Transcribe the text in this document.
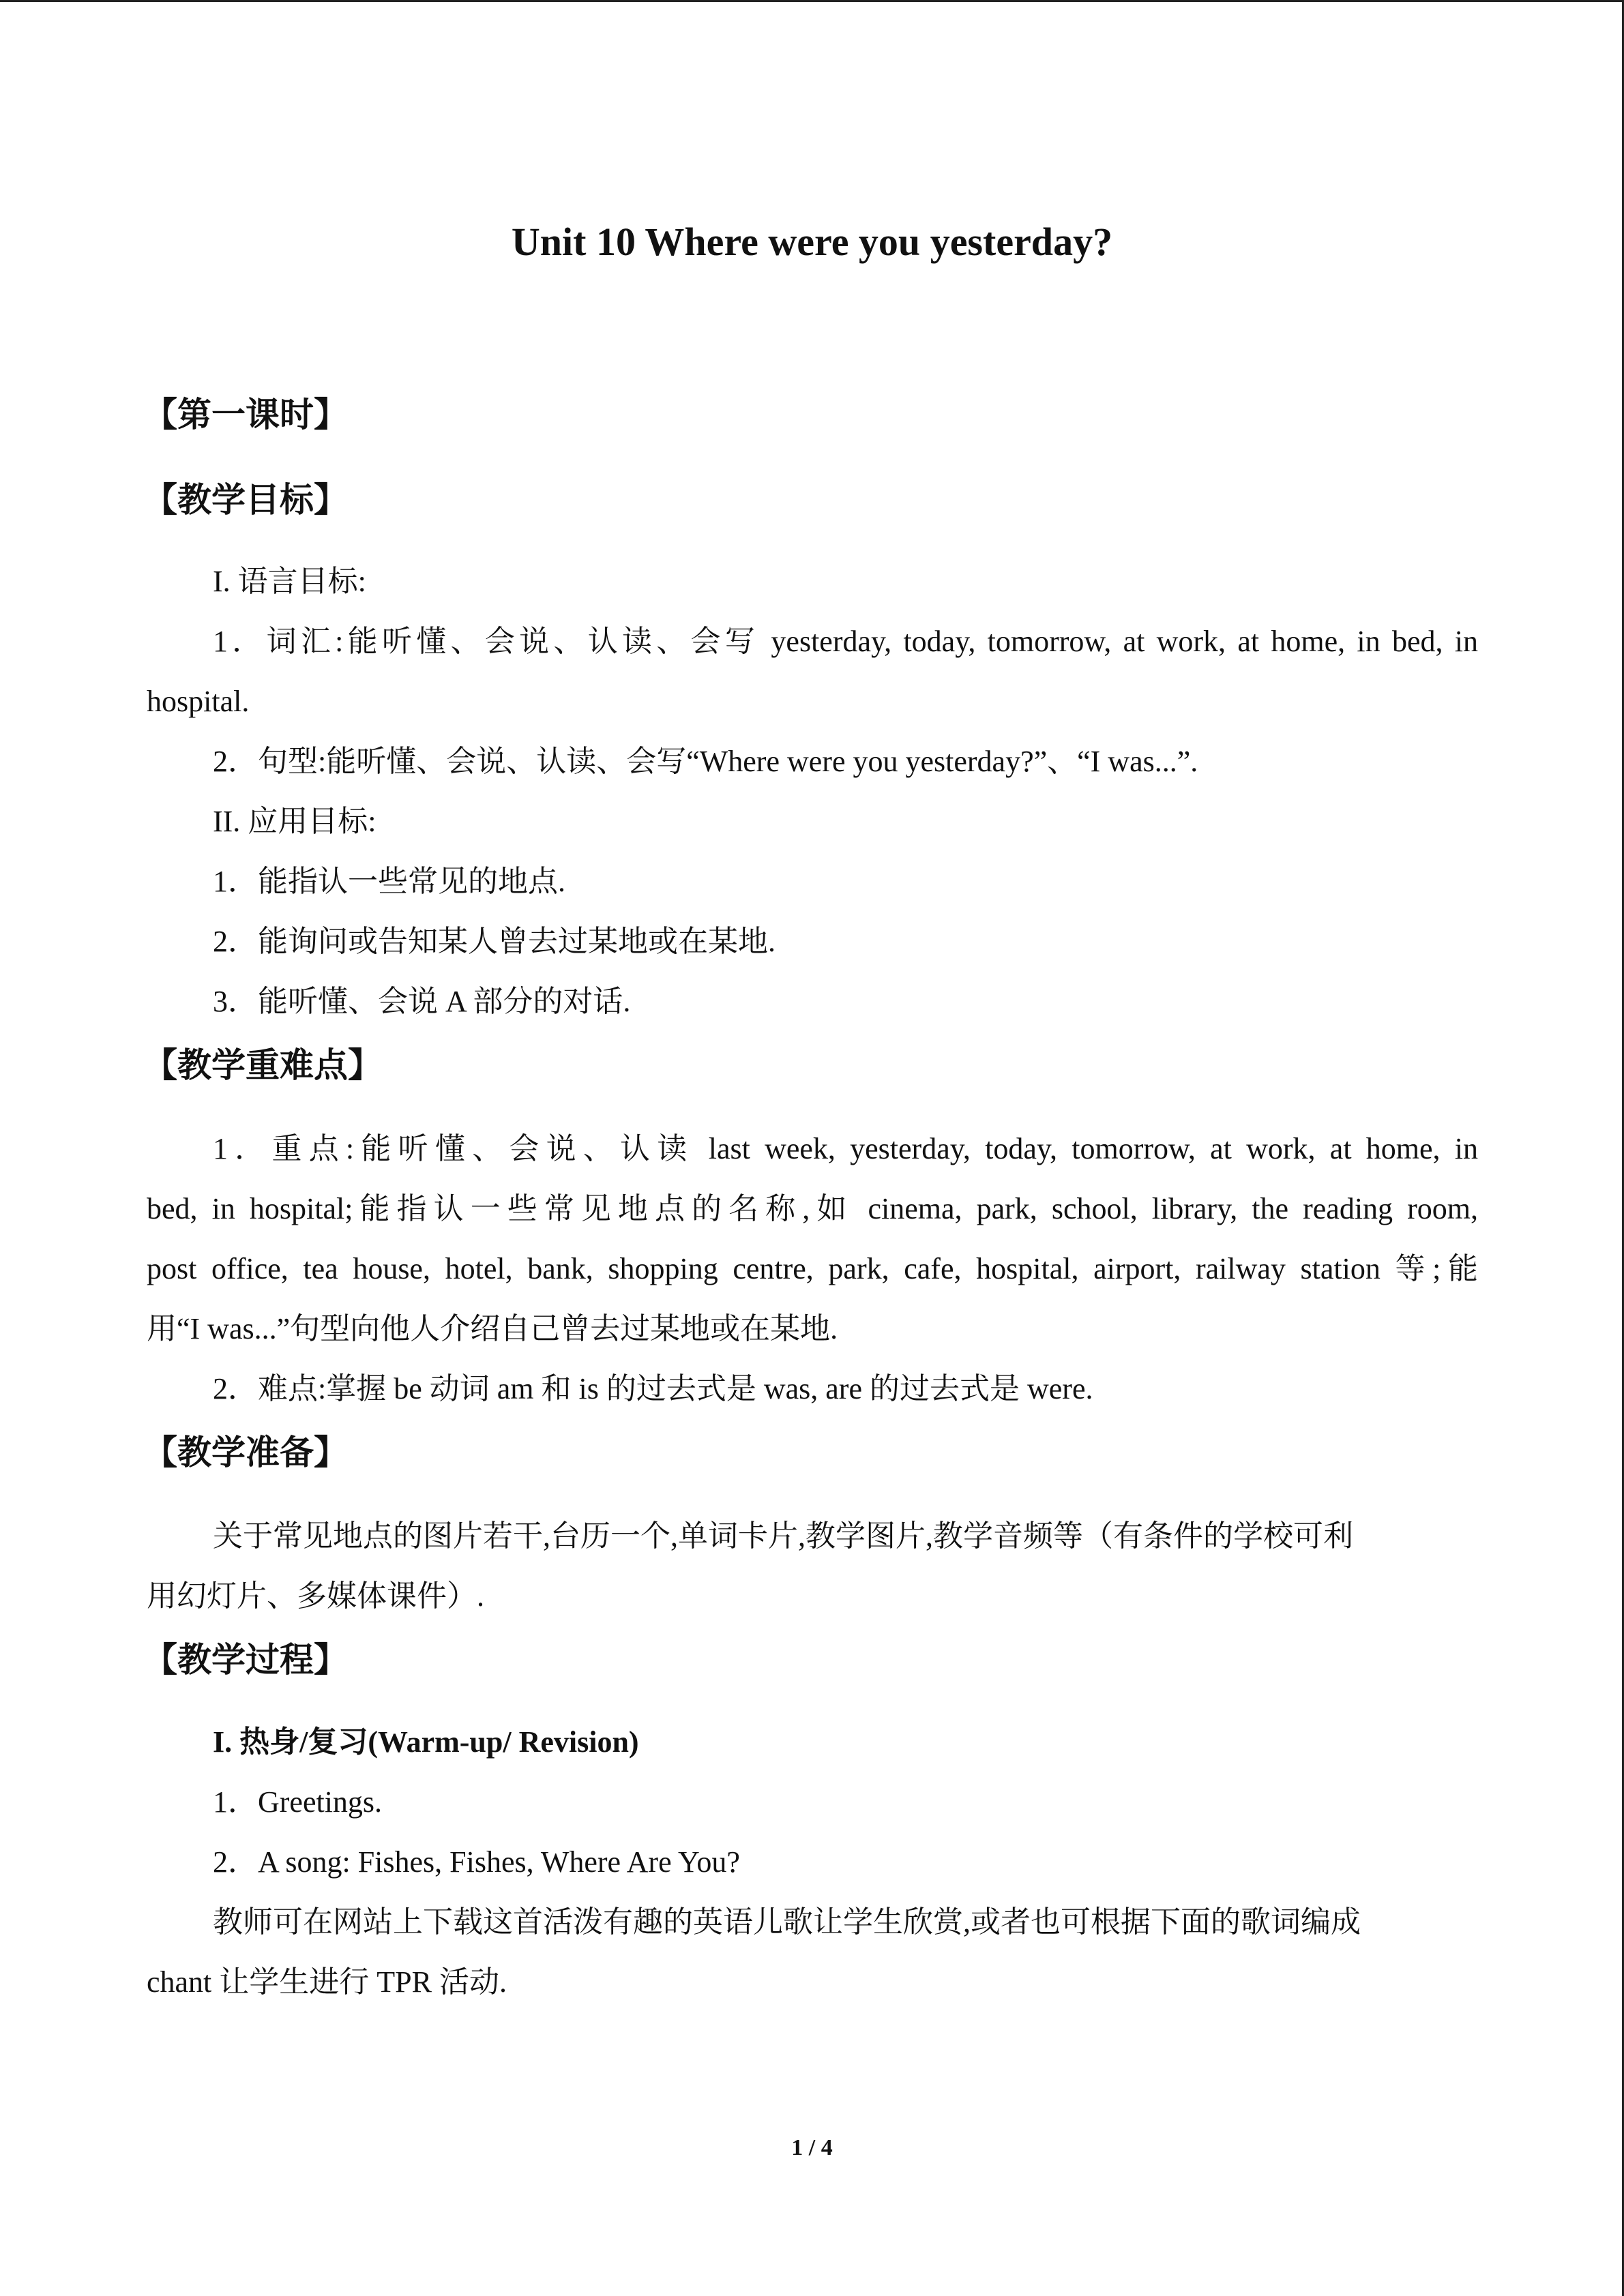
Unit 10 Where were you yesterday?
【第一课时】
【教学目标】
I. 语言目标:
1．词汇:能听懂、会说、认读、会写 yesterday, today, tomorrow, at work, at home, in bed, in
hospital.
2．句型:能听懂、会说、认读、会写“Where were you yesterday?”、“I was...”.
II. 应用目标:
1．能指认一些常见的地点.
2．能询问或告知某人曾去过某地或在某地.
3．能听懂、会说 A 部分的对话.
【教学重难点】
1．重点:能听懂、会说、认读 last week, yesterday, today, tomorrow, at work, at home, in
bed, in hospital;能指认一些常见地点的名称,如 cinema, park, school, library, the reading room,
post office, tea house, hotel, bank, shopping centre, park, cafe, hospital, airport, railway station 等;能
用“I was...”句型向他人介绍自己曾去过某地或在某地.
2．难点:掌握 be 动词 am 和 is 的过去式是 was, are 的过去式是 were.
【教学准备】
关于常见地点的图片若干,台历一个,单词卡片,教学图片,教学音频等（有条件的学校可利
用幻灯片、多媒体课件）.
【教学过程】
I. 热身/复习(Warm-up/ Revision)
1．Greetings.
2．A song: Fishes, Fishes, Where Are You?
教师可在网站上下载这首活泼有趣的英语儿歌让学生欣赏,或者也可根据下面的歌词编成
chant 让学生进行 TPR 活动.
1 / 4
